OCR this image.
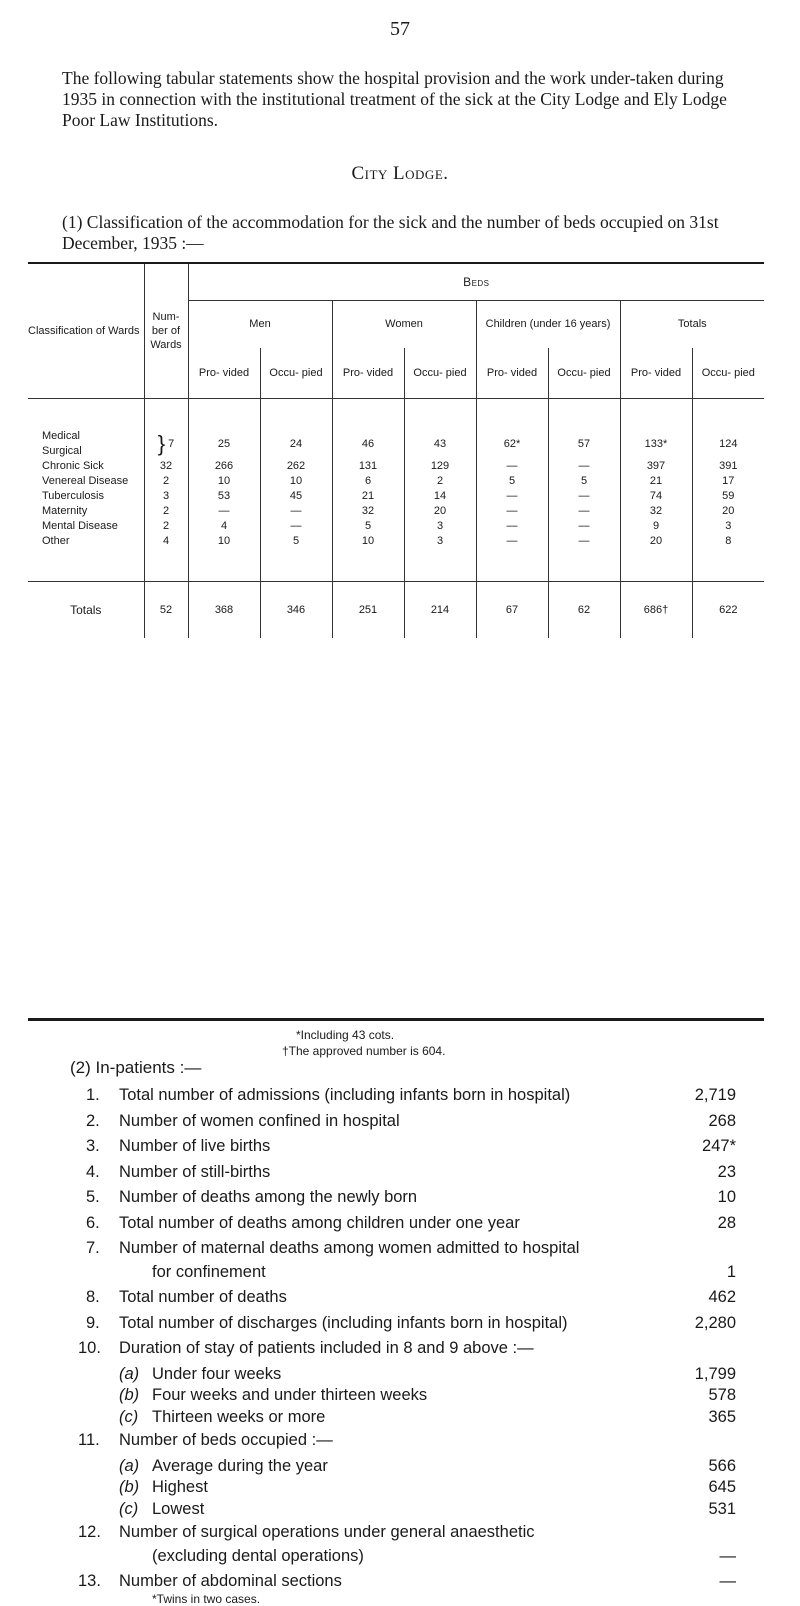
57
The following tabular statements show the hospital provision and the work under-taken during 1935 in connection with the institutional treatment of the sick at the City Lodge and Ely Lodge Poor Law Institutions.
City Lodge.
(1) Classification of the accommodation for the sick and the number of beds occupied on 31st December, 1935 :—
Classification of Wards	Num- ber of Wards	Beds							
		Men		Women		Children (under 16 years)		Totals	
		Pro- vided	Occu- pied	Pro- vided	Occu- pied	Pro- vided	Occu- pied	Pro- vided	Occu- pied

Medical	} 7	25	24	46	43	62*	57	133*	124
Surgical									
Chronic Sick	32	266	262	131	129	—	—	397	391
Venereal Disease	2	10	10	6	2	5	5	21	17
Tuberculosis	3	53	45	21	14	—	—	74	59
Maternity	2	—	—	32	20	—	—	32	20
Mental Disease	2	4	—	5	3	—	—	9	3
Other	4	10	5	10	3	—	—	20	8

Totals	52	368	346	251	214	67	62	686†	622
*Including 43 cots.
†The approved number is 604.
(2) In-patients :—
1. Total number of admissions (including infants born in hospital)	2,719
2. Number of women confined in hospital	268
3. Number of live births	247*
4. Number of still-births	23
5. Number of deaths among the newly born	10
6. Total number of deaths among children under one year	28
7. Number of maternal deaths among women admitted to hospital
for confinement	1
8. Total number of deaths	462
9. Total number of discharges (including infants born in hospital)	2,280
10. Duration of stay of patients included in 8 and 9 above :—
(a) Under four weeks	1,799
(b) Four weeks and under thirteen weeks	578
(c) Thirteen weeks or more	365
11. Number of beds occupied :—
(a) Average during the year	566
(b) Highest	645
(c) Lowest	531
12. Number of surgical operations under general anaesthetic
(excluding dental operations)	—
13. Number of abdominal sections	—
*Twins in two cases.
